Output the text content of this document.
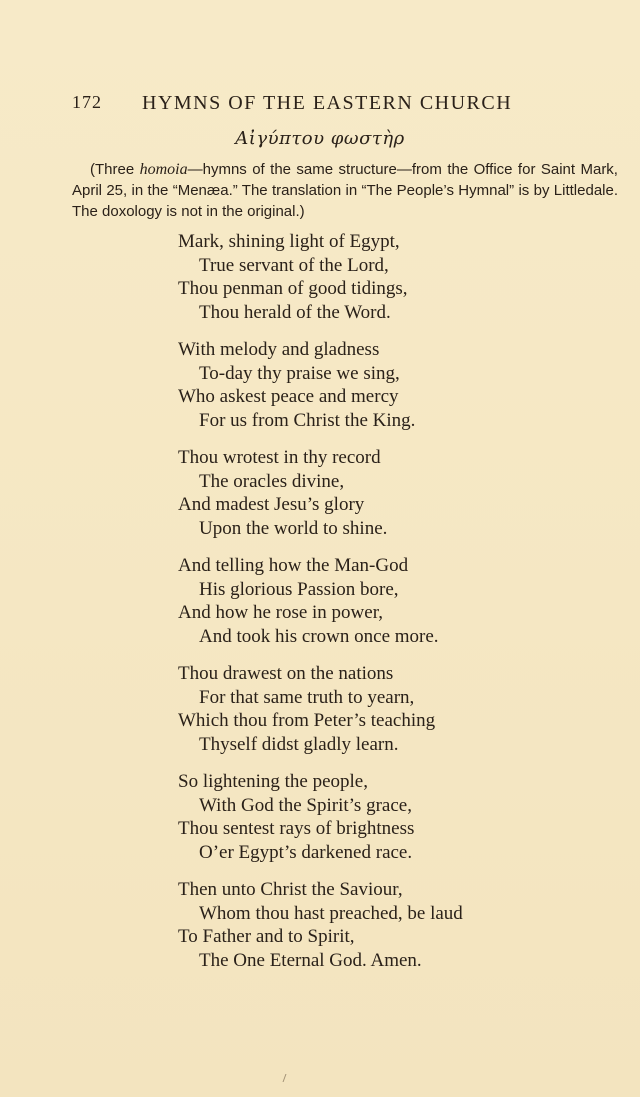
172 HYMNS OF THE EASTERN CHURCH
Αἰγύπτου φωστὴρ

(Three homoia—hymns of the same structure—from the Office for Saint Mark, April 25, in the “Menæa.” The translation in “The People’s Hymnal” is by Littledale. The doxology is not in the original.)

Mark, shining light of Egypt,
True servant of the Lord,
Thou penman of good tidings,
Thou herald of the Word.
With melody and gladness
To-day thy praise we sing,
Who askest peace and mercy
For us from Christ the King.
Thou wrotest in thy record
The oracles divine,
And madest Jesu’s glory
Upon the world to shine.
And telling how the Man-God
His glorious Passion bore,
And how he rose in power,
And took his crown once more.
Thou drawest on the nations
For that same truth to yearn,
Which thou from Peter’s teaching
Thyself didst gladly learn.
So lightening the people,
With God the Spirit’s grace,
Thou sentest rays of brightness
O’er Egypt’s darkened race.
Then unto Christ the Saviour,
Whom thou hast preached, be laud
To Father and to Spirit,
The One Eternal God. Amen.
